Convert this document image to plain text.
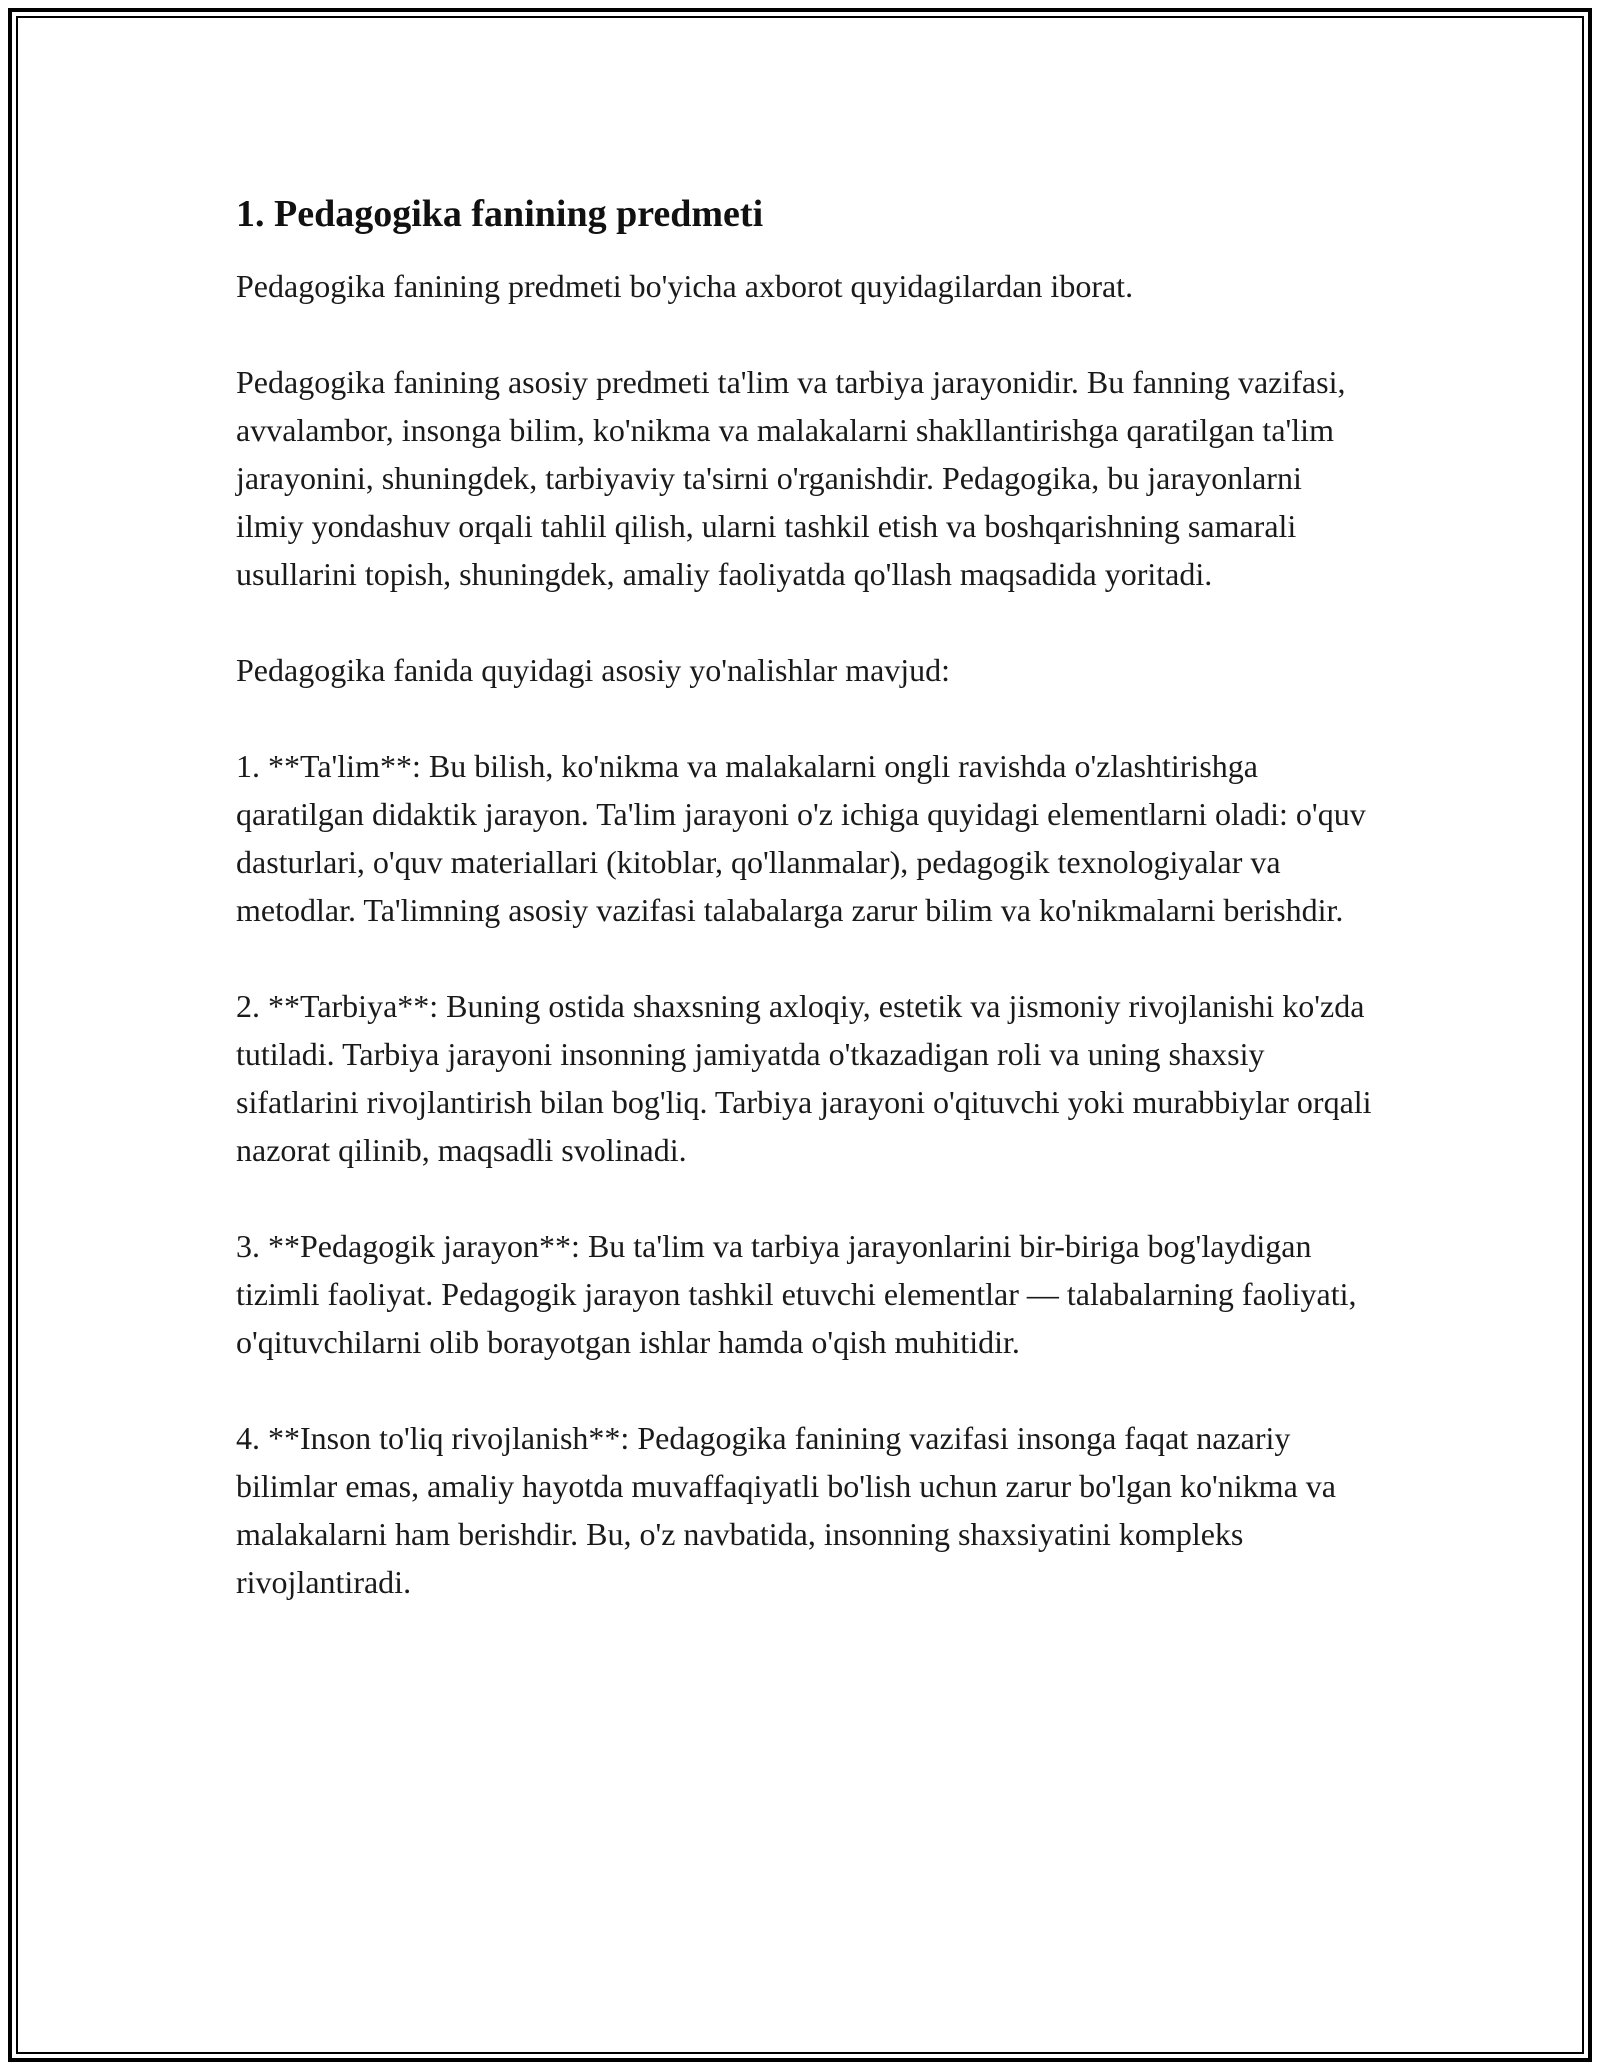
1. Pedagogika fanining predmeti

Pedagogika fanining predmeti bo'yicha axborot quyidagilardan iborat.

Pedagogika fanining asosiy predmeti ta'lim va tarbiya jarayonidir. Bu fanning vazifasi, avvalambor, insonga bilim, ko'nikma va malakalarni shakllantirishga qaratilgan ta'lim jarayonini, shuningdek, tarbiyaviy ta'sirni o'rganishdir. Pedagogika, bu jarayonlarni ilmiy yondashuv orqali tahlil qilish, ularni tashkil etish va boshqarishning samarali usullarini topish, shuningdek, amaliy faoliyatda qo'llash maqsadida yoritadi.

Pedagogika fanida quyidagi asosiy yo'nalishlar mavjud:

1. **Ta'lim**: Bu bilish, ko'nikma va malakalarni ongli ravishda o'zlashtirishga qaratilgan didaktik jarayon. Ta'lim jarayoni o'z ichiga quyidagi elementlarni oladi: o'quv dasturlari, o'quv materiallari (kitoblar, qo'llanmalar), pedagogik texnologiyalar va metodlar. Ta'limning asosiy vazifasi talabalarga zarur bilim va ko'nikmalarni berishdir.

2. **Tarbiya**: Buning ostida shaxsning axloqiy, estetik va jismoniy rivojlanishi ko'zda tutiladi. Tarbiya jarayoni insonning jamiyatda o'tkazadigan roli va uning shaxsiy sifatlarini rivojlantirish bilan bog'liq. Tarbiya jarayoni o'qituvchi yoki murabbiylar orqali nazorat qilinib, maqsadli svolinadi.

3. **Pedagogik jarayon**: Bu ta'lim va tarbiya jarayonlarini bir-biriga bog'laydigan tizimli faoliyat. Pedagogik jarayon tashkil etuvchi elementlar — talabalarning faoliyati, o'qituvchilarni olib borayotgan ishlar hamda o'qish muhitidir.

4. **Inson to'liq rivojlanish**: Pedagogika fanining vazifasi insonga faqat nazariy bilimlar emas, amaliy hayotda muvaffaqiyatli bo'lish uchun zarur bo'lgan ko'nikma va malakalarni ham berishdir. Bu, o'z navbatida, insonning shaxsiyatini kompleks rivojlantiradi.
